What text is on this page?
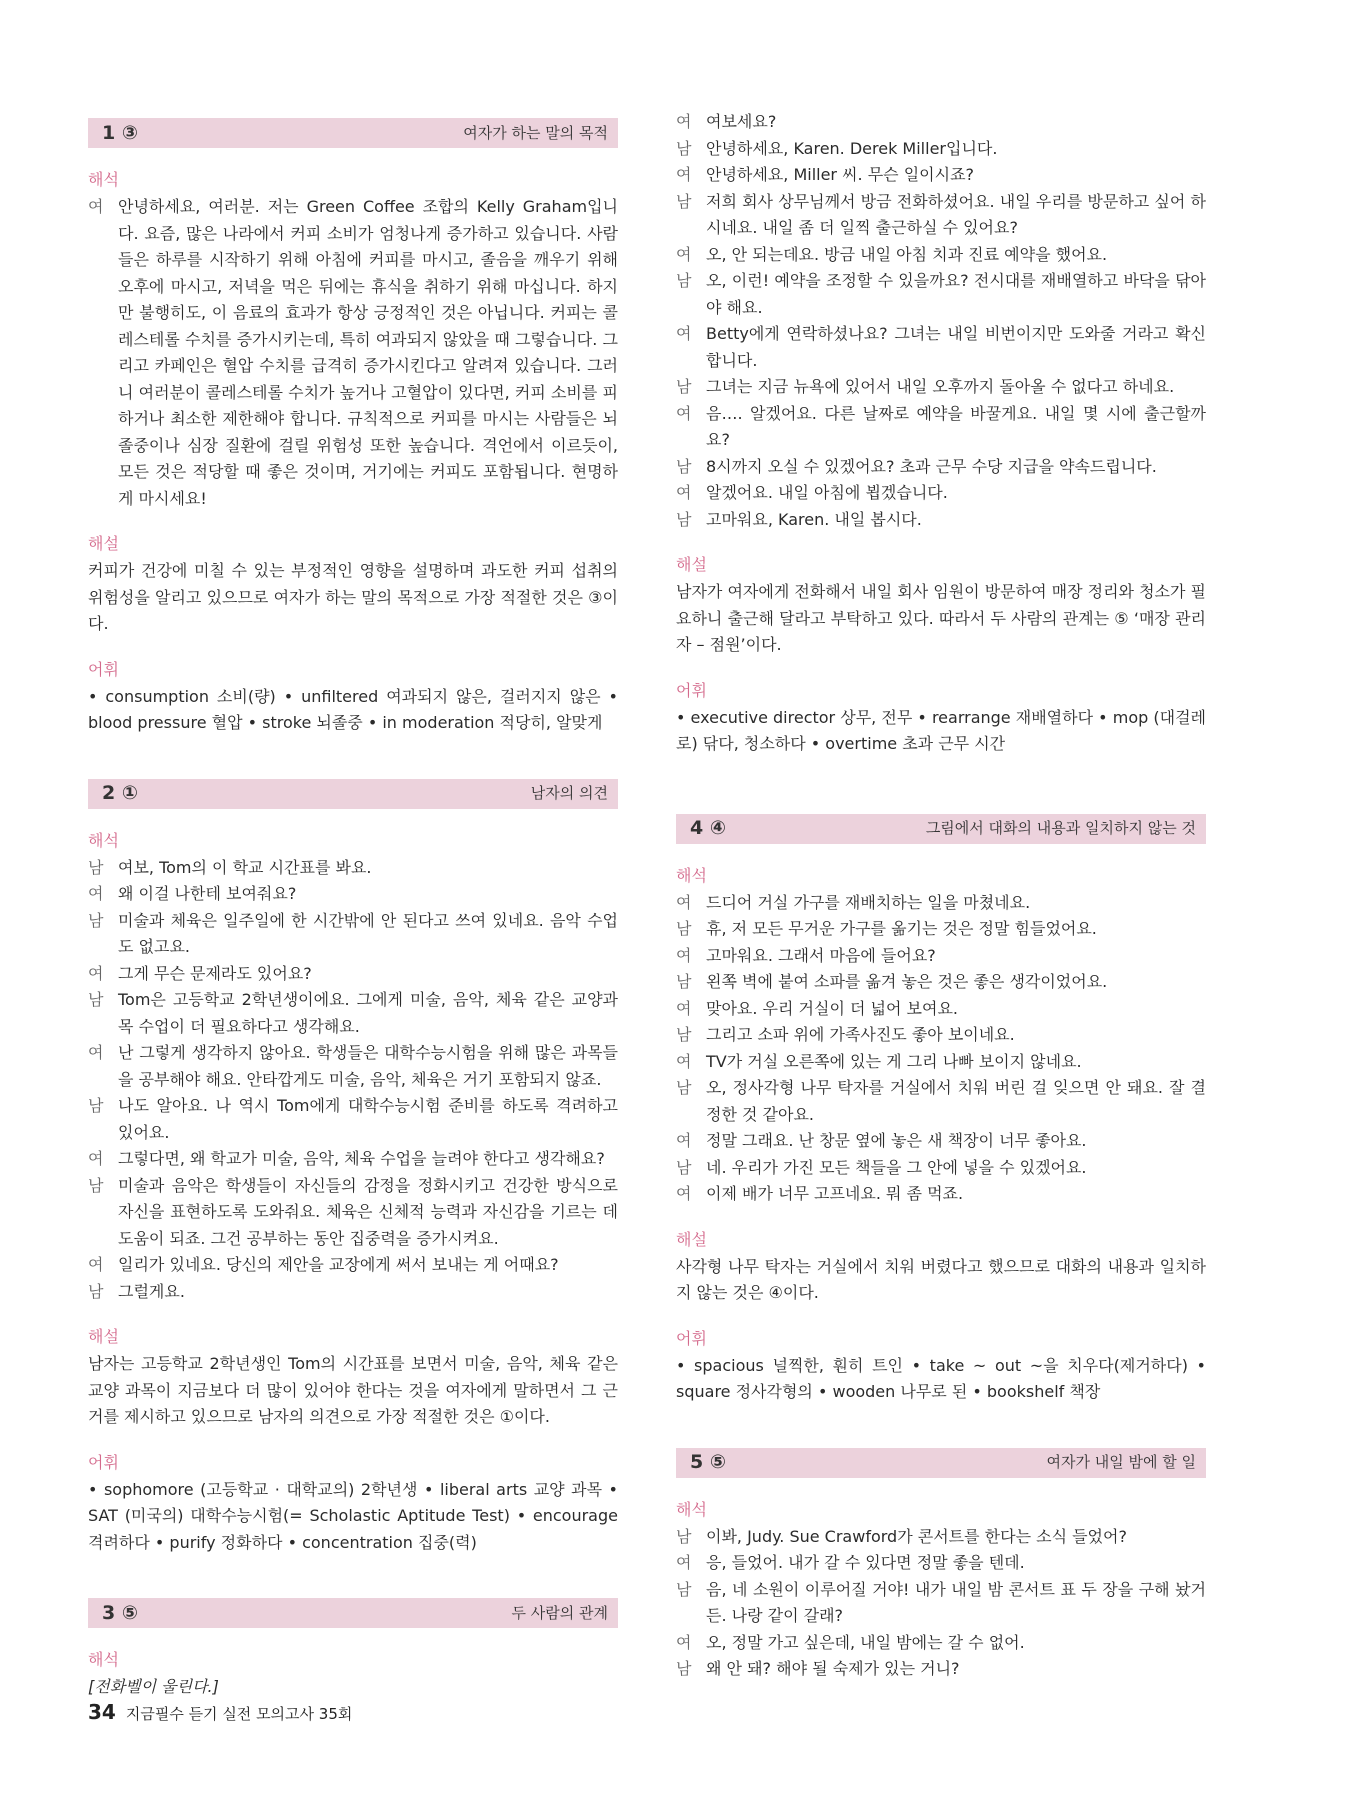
1 ③	여자가 하는 말의 목적
해석
여 안녕하세요, 여러분. 저는 Green Coffee 조합의 Kelly Graham입니다. 요즘, 많은 나라에서 커피 소비가 엄청나게 증가하고 있습니다. 사람들은 하루를 시작하기 위해 아침에 커피를 마시고, 졸음을 깨우기 위해 오후에 마시고, 저녁을 먹은 뒤에는 휴식을 취하기 위해 마십니다. 하지만 불행히도, 이 음료의 효과가 항상 긍정적인 것은 아닙니다. 커피는 콜레스테롤 수치를 증가시키는데, 특히 여과되지 않았을 때 그렇습니다. 그리고 카페인은 혈압 수치를 급격히 증가시킨다고 알려져 있습니다. 그러니 여러분이 콜레스테롤 수치가 높거나 고혈압이 있다면, 커피 소비를 피하거나 최소한 제한해야 합니다. 규칙적으로 커피를 마시는 사람들은 뇌졸중이나 심장 질환에 걸릴 위험성 또한 높습니다. 격언에서 이르듯이, 모든 것은 적당할 때 좋은 것이며, 거기에는 커피도 포함됩니다. 현명하게 마시세요!
해설
커피가 건강에 미칠 수 있는 부정적인 영향을 설명하며 과도한 커피 섭취의 위험성을 알리고 있으므로 여자가 하는 말의 목적으로 가장 적절한 것은 ③이다.
어휘
• consumption 소비(량) • unfiltered 여과되지 않은, 걸러지지 않은 • blood pressure 혈압 • stroke 뇌졸중 • in moderation 적당히, 알맞게
2 ①	남자의 의견
해석
남 여보, Tom의 이 학교 시간표를 봐요.
여 왜 이걸 나한테 보여줘요?
남 미술과 체육은 일주일에 한 시간밖에 안 된다고 쓰여 있네요. 음악 수업도 없고요.
여 그게 무슨 문제라도 있어요?
남 Tom은 고등학교 2학년생이에요. 그에게 미술, 음악, 체육 같은 교양과목 수업이 더 필요하다고 생각해요.
여 난 그렇게 생각하지 않아요. 학생들은 대학수능시험을 위해 많은 과목들을 공부해야 해요. 안타깝게도 미술, 음악, 체육은 거기 포함되지 않죠.
남 나도 알아요. 나 역시 Tom에게 대학수능시험 준비를 하도록 격려하고 있어요.
여 그렇다면, 왜 학교가 미술, 음악, 체육 수업을 늘려야 한다고 생각해요?
남 미술과 음악은 학생들이 자신들의 감정을 정화시키고 건강한 방식으로 자신을 표현하도록 도와줘요. 체육은 신체적 능력과 자신감을 기르는 데 도움이 되죠. 그건 공부하는 동안 집중력을 증가시켜요.
여 일리가 있네요. 당신의 제안을 교장에게 써서 보내는 게 어때요?
남 그럴게요.
해설
남자는 고등학교 2학년생인 Tom의 시간표를 보면서 미술, 음악, 체육 같은 교양 과목이 지금보다 더 많이 있어야 한다는 것을 여자에게 말하면서 그 근거를 제시하고 있으므로 남자의 의견으로 가장 적절한 것은 ①이다.
어휘
• sophomore (고등학교 · 대학교의) 2학년생 • liberal arts 교양 과목 • SAT (미국의) 대학수능시험(= Scholastic Aptitude Test) • encourage 격려하다 • purify 정화하다 • concentration 집중(력)
3 ⑤	두 사람의 관계
해석
[전화벨이 울린다.]
여 여보세요?
남 안녕하세요, Karen. Derek Miller입니다.
여 안녕하세요, Miller 씨. 무슨 일이시죠?
남 저희 회사 상무님께서 방금 전화하셨어요. 내일 우리를 방문하고 싶어 하시네요. 내일 좀 더 일찍 출근하실 수 있어요?
여 오, 안 되는데요. 방금 내일 아침 치과 진료 예약을 했어요.
남 오, 이런! 예약을 조정할 수 있을까요? 전시대를 재배열하고 바닥을 닦아야 해요.
여 Betty에게 연락하셨나요? 그녀는 내일 비번이지만 도와줄 거라고 확신합니다.
남 그녀는 지금 뉴욕에 있어서 내일 오후까지 돌아올 수 없다고 하네요.
여 음…. 알겠어요. 다른 날짜로 예약을 바꿀게요. 내일 몇 시에 출근할까요?
남 8시까지 오실 수 있겠어요? 초과 근무 수당 지급을 약속드립니다.
여 알겠어요. 내일 아침에 뵙겠습니다.
남 고마워요, Karen. 내일 봅시다.
해설
남자가 여자에게 전화해서 내일 회사 임원이 방문하여 매장 정리와 청소가 필요하니 출근해 달라고 부탁하고 있다. 따라서 두 사람의 관계는 ⑤ ‘매장 관리자 – 점원’이다.
어휘
• executive director 상무, 전무 • rearrange 재배열하다 • mop (대걸레로) 닦다, 청소하다 • overtime 초과 근무 시간
4 ④	그림에서 대화의 내용과 일치하지 않는 것
해석
여 드디어 거실 가구를 재배치하는 일을 마쳤네요.
남 휴, 저 모든 무거운 가구를 옮기는 것은 정말 힘들었어요.
여 고마워요. 그래서 마음에 들어요?
남 왼쪽 벽에 붙여 소파를 옮겨 놓은 것은 좋은 생각이었어요.
여 맞아요. 우리 거실이 더 넓어 보여요.
남 그리고 소파 위에 가족사진도 좋아 보이네요.
여 TV가 거실 오른쪽에 있는 게 그리 나빠 보이지 않네요.
남 오, 정사각형 나무 탁자를 거실에서 치워 버린 걸 잊으면 안 돼요. 잘 결정한 것 같아요.
여 정말 그래요. 난 창문 옆에 놓은 새 책장이 너무 좋아요.
남 네. 우리가 가진 모든 책들을 그 안에 넣을 수 있겠어요.
여 이제 배가 너무 고프네요. 뭐 좀 먹죠.
해설
사각형 나무 탁자는 거실에서 치워 버렸다고 했으므로 대화의 내용과 일치하지 않는 것은 ④이다.
어휘
• spacious 널찍한, 훤히 트인 • take ~ out ~을 치우다(제거하다) • square 정사각형의 • wooden 나무로 된 • bookshelf 책장
5 ⑤	여자가 내일 밤에 할 일
해석
남 이봐, Judy. Sue Crawford가 콘서트를 한다는 소식 들었어?
여 응, 들었어. 내가 갈 수 있다면 정말 좋을 텐데.
남 음, 네 소원이 이루어질 거야! 내가 내일 밤 콘서트 표 두 장을 구해 놨거든. 나랑 같이 갈래?
여 오, 정말 가고 싶은데, 내일 밤에는 갈 수 없어.
남 왜 안 돼? 해야 될 숙제가 있는 거니?
34 지금필수 듣기 실전 모의고사 35회
